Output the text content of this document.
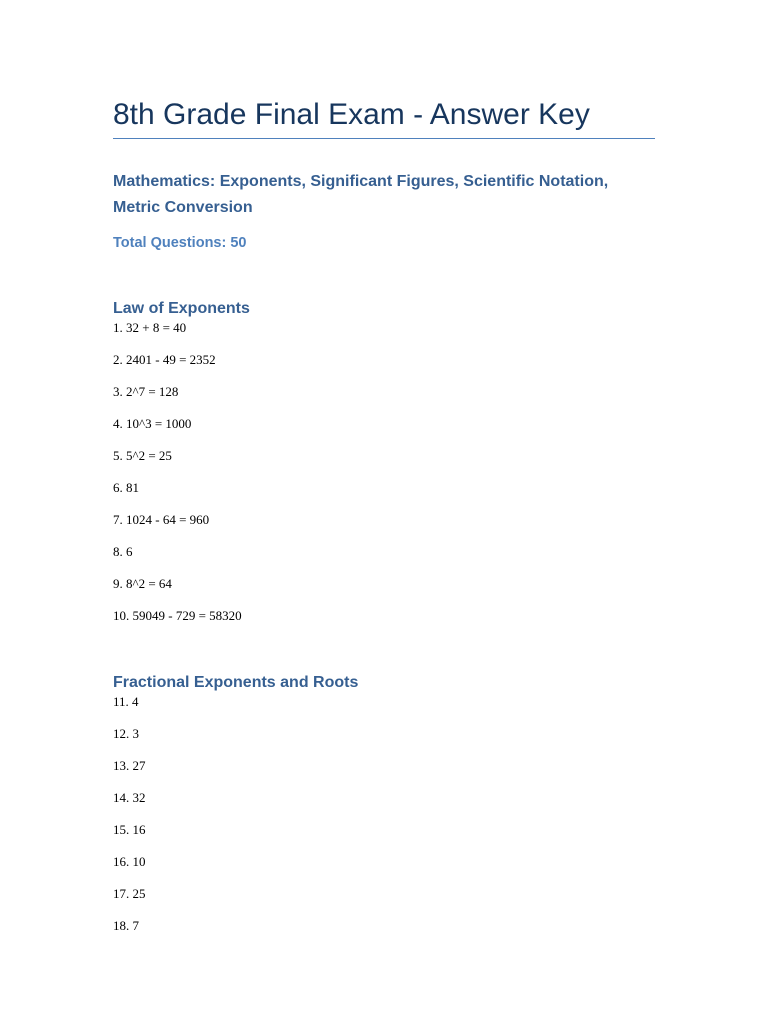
8th Grade Final Exam - Answer Key
Mathematics: Exponents, Significant Figures, Scientific Notation, Metric Conversion
Total Questions: 50
Law of Exponents
1. 32 + 8 = 40
2. 2401 - 49 = 2352
3. 2^7 = 128
4. 10^3 = 1000
5. 5^2 = 25
6. 81
7. 1024 - 64 = 960
8. 6
9. 8^2 = 64
10. 59049 - 729 = 58320
Fractional Exponents and Roots
11. 4
12. 3
13. 27
14. 32
15. 16
16. 10
17. 25
18. 7
